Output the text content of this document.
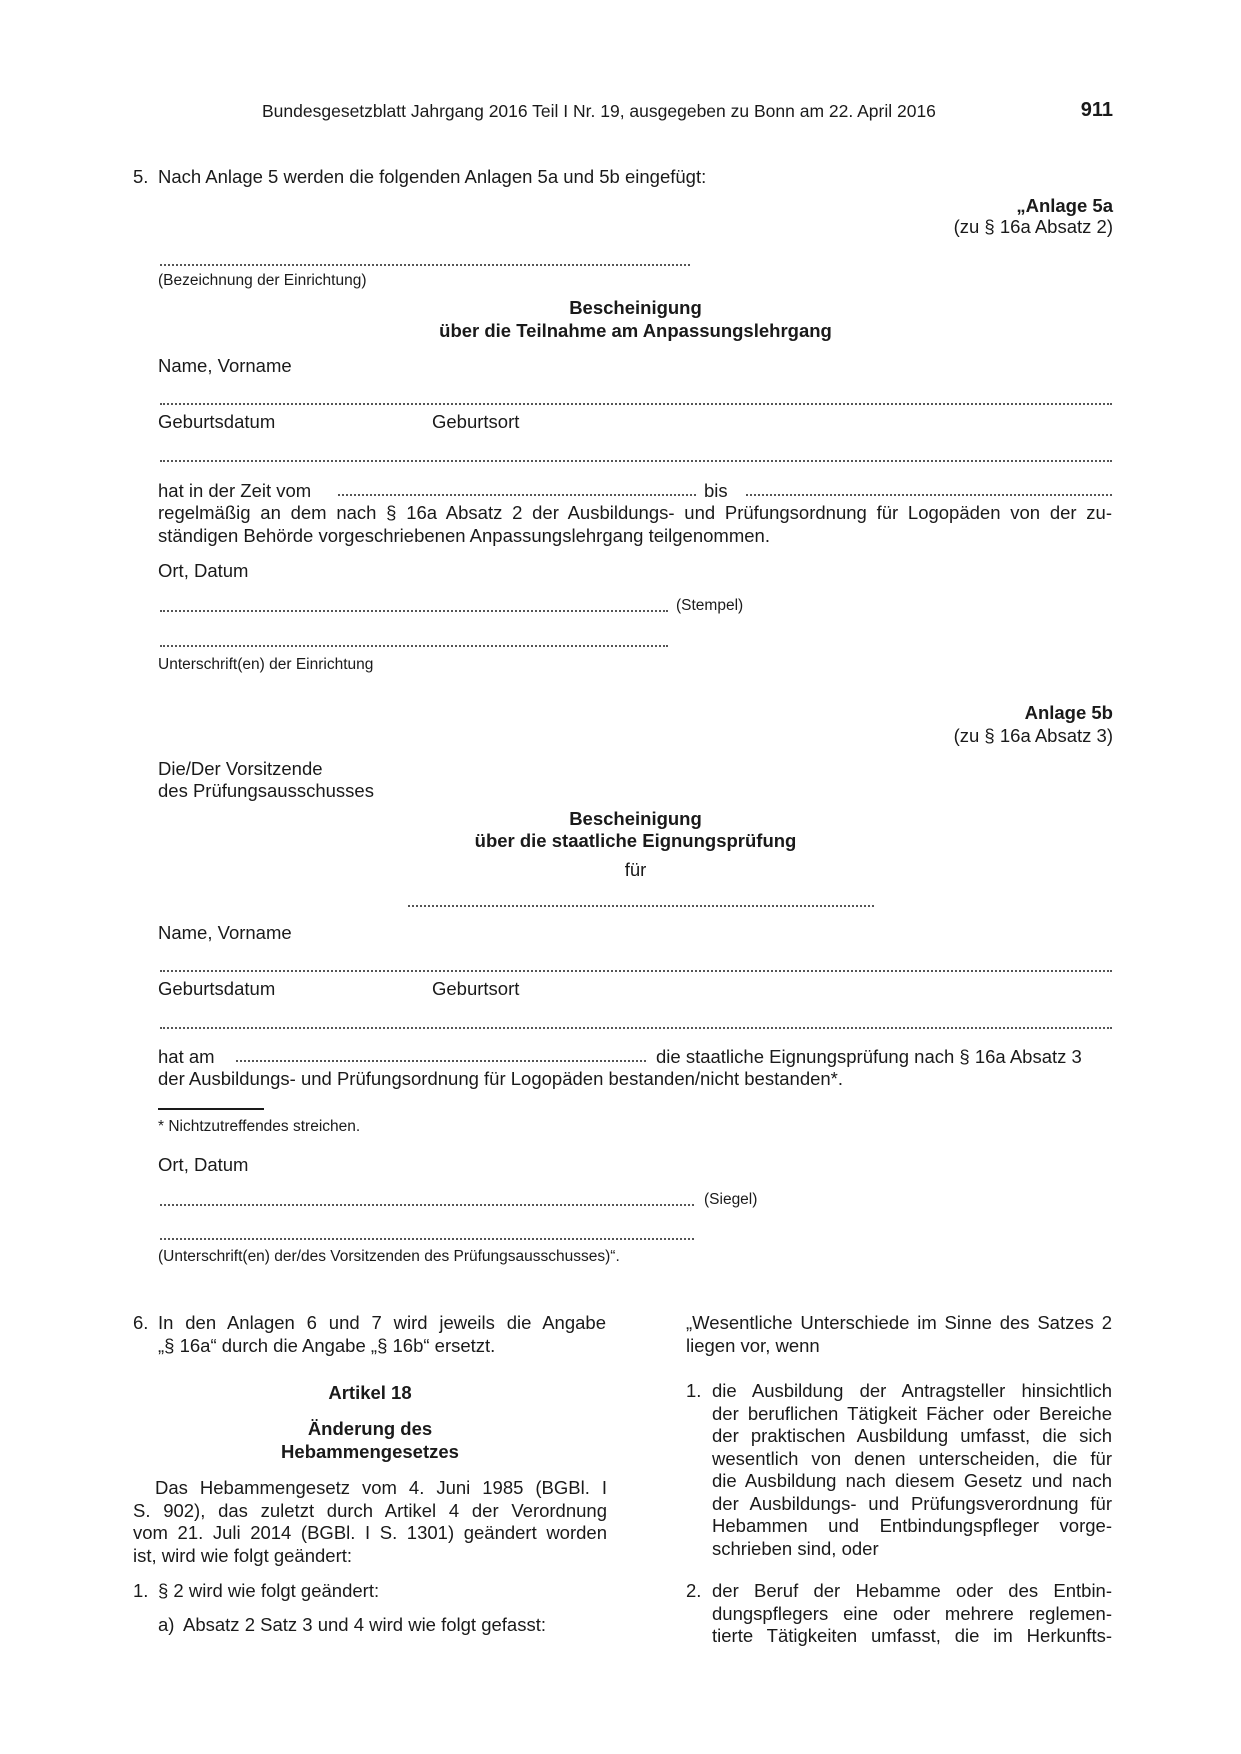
Bundesgesetzblatt Jahrgang 2016 Teil I Nr. 19, ausgegeben zu Bonn am 22. April 2016	911
5. Nach Anlage 5 werden die folgenden Anlagen 5a und 5b eingefügt:
„Anlage 5a
(zu § 16a Absatz 2)
(Bezeichnung der Einrichtung)
Bescheinigung
über die Teilnahme am Anpassungslehrgang
Name, Vorname
Geburtsdatum	Geburtsort
hat in der Zeit vom	bis
regelmäßig an dem nach § 16a Absatz 2 der Ausbildungs- und Prüfungsordnung für Logopäden von der zu-
ständigen Behörde vorgeschriebenen Anpassungslehrgang teilgenommen.
Ort, Datum
(Stempel)
Unterschrift(en) der Einrichtung
Anlage 5b
(zu § 16a Absatz 3)
Die/Der Vorsitzende
des Prüfungsausschusses
Bescheinigung
über die staatliche Eignungsprüfung
für
Name, Vorname
Geburtsdatum	Geburtsort
hat am	die staatliche Eignungsprüfung nach § 16a Absatz 3
der Ausbildungs- und Prüfungsordnung für Logopäden bestanden/nicht bestanden*.
* Nichtzutreffendes streichen.
Ort, Datum
(Siegel)
(Unterschrift(en) der/des Vorsitzenden des Prüfungsausschusses)“.
6. In den Anlagen 6 und 7 wird jeweils die Angabe
„§ 16a“ durch die Angabe „§ 16b“ ersetzt.
Artikel 18
Änderung des
Hebammengesetzes
Das Hebammengesetz vom 4. Juni 1985 (BGBl. I
S. 902), das zuletzt durch Artikel 4 der Verordnung
vom 21. Juli 2014 (BGBl. I S. 1301) geändert worden
ist, wird wie folgt geändert:
1. § 2 wird wie folgt geändert:
a) Absatz 2 Satz 3 und 4 wird wie folgt gefasst:
„Wesentliche Unterschiede im Sinne des Satzes 2
liegen vor, wenn
1. die Ausbildung der Antragsteller hinsichtlich
der beruflichen Tätigkeit Fächer oder Bereiche
der praktischen Ausbildung umfasst, die sich
wesentlich von denen unterscheiden, die für
die Ausbildung nach diesem Gesetz und nach
der Ausbildungs- und Prüfungsverordnung für
Hebammen und Entbindungspfleger vorge-
schrieben sind, oder
2. der Beruf der Hebamme oder des Entbin-
dungspflegers eine oder mehrere reglemen-
tierte Tätigkeiten umfasst, die im Herkunfts-
